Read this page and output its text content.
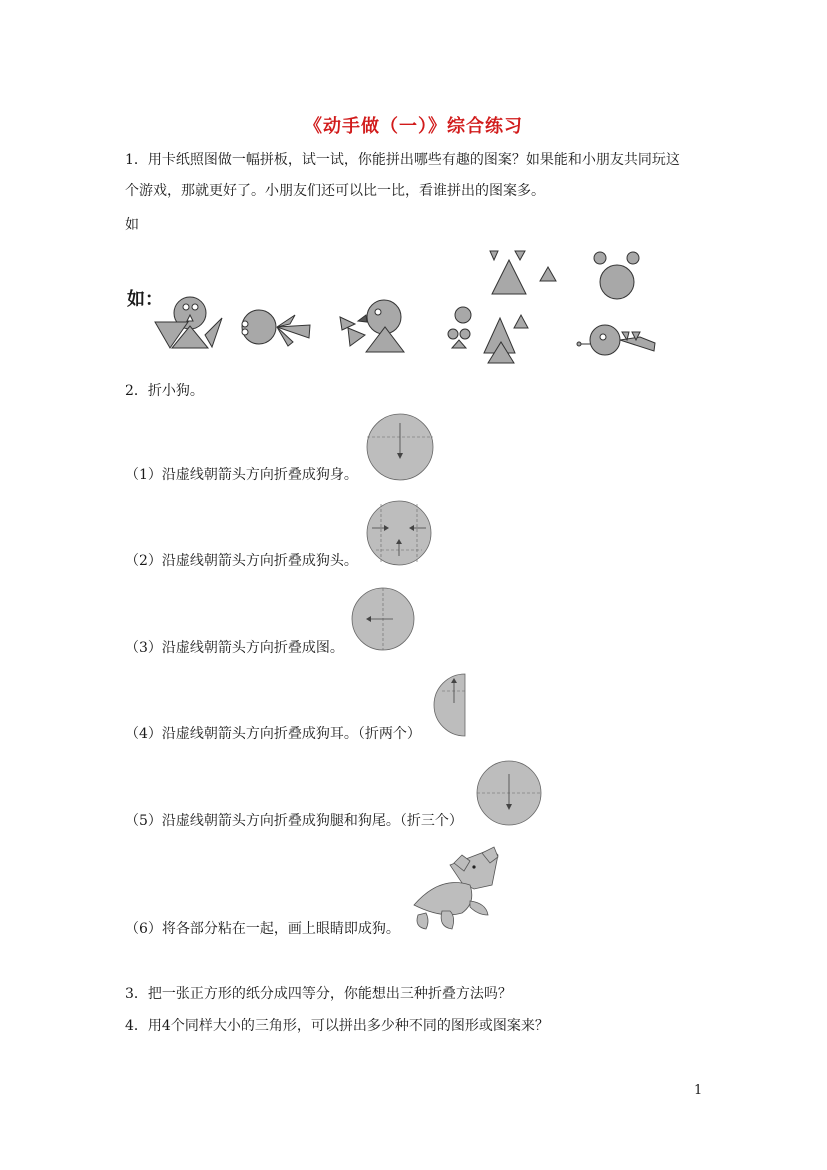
《动手做（一）》综合练习
1．用卡纸照图做一幅拼板，试一试，你能拼出哪些有趣的图案？如果能和小朋友共同玩这
个游戏，那就更好了。小朋友们还可以比一比，看谁拼出的图案多。
如
如：
2．折小狗。
（1）沿虚线朝箭头方向折叠成狗身。
（2）沿虚线朝箭头方向折叠成狗头。
（3）沿虚线朝箭头方向折叠成图。
（4）沿虚线朝箭头方向折叠成狗耳。（折两个）
（5）沿虚线朝箭头方向折叠成狗腿和狗尾。（折三个）
（6）将各部分粘在一起，画上眼睛即成狗。
3．把一张正方形的纸分成四等分，你能想出三种折叠方法吗？
4．用4个同样大小的三角形，可以拼出多少种不同的图形或图案来？
1
